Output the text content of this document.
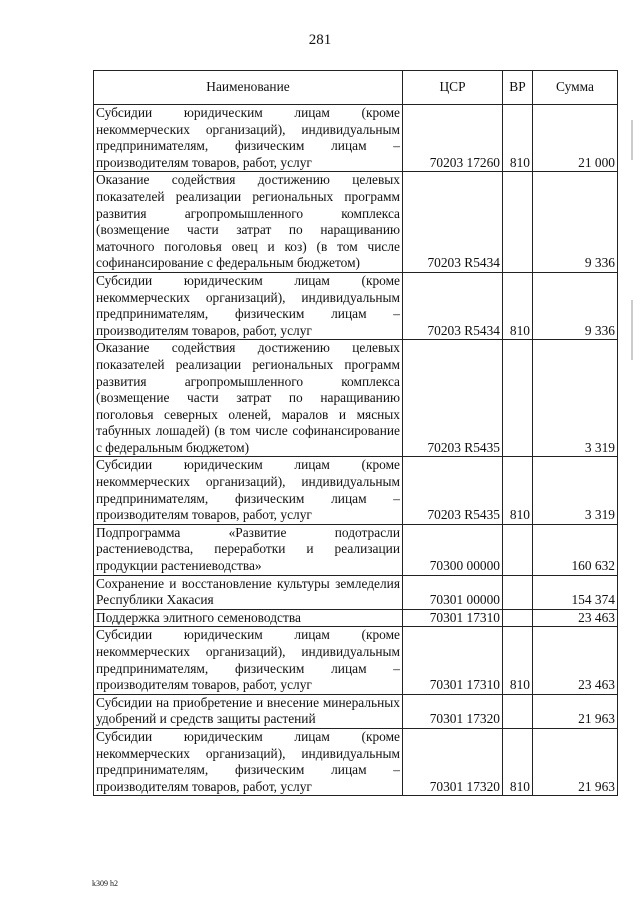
281
Наименование	ЦСР	ВР	Сумма
Субсидии юридическим лицам (кроме некоммерческих организаций), индивидуальным предпринимателям, физическим лицам – производителям товаров, работ, услуг	70203 17260	810	21 000
Оказание содействия достижению целевых показателей реализации региональных программ развития агропромышленного комплекса (возмещение части затрат по наращиванию маточного поголовья овец и коз) (в том числе софинансирование с федеральным бюджетом)	70203 R5434		9 336
Субсидии юридическим лицам (кроме некоммерческих организаций), индивидуальным предпринимателям, физическим лицам – производителям товаров, работ, услуг	70203 R5434	810	9 336
Оказание содействия достижению целевых показателей реализации региональных программ развития агропромышленного комплекса (возмещение части затрат по наращиванию поголовья северных оленей, маралов и мясных табунных лошадей) (в том числе софинансирование с федеральным бюджетом)	70203 R5435		3 319
Субсидии юридическим лицам (кроме некоммерческих организаций), индивидуальным предпринимателям, физическим лицам – производителям товаров, работ, услуг	70203 R5435	810	3 319
Подпрограмма «Развитие подотрасли растениеводства, переработки и реализации продукции растениеводства»	70300 00000		160 632
Сохранение и восстановление культуры земледелия Республики Хакасия	70301 00000		154 374
Поддержка элитного семеноводства	70301 17310		23 463
Субсидии юридическим лицам (кроме некоммерческих организаций), индивидуальным предпринимателям, физическим лицам – производителям товаров, работ, услуг	70301 17310	810	23 463
Субсидии на приобретение и внесение минеральных удобрений и средств защиты растений	70301 17320		21 963
Субсидии юридическим лицам (кроме некоммерческих организаций), индивидуальным предпринимателям, физическим лицам – производителям товаров, работ, услуг	70301 17320	810	21 963
k309 h2
